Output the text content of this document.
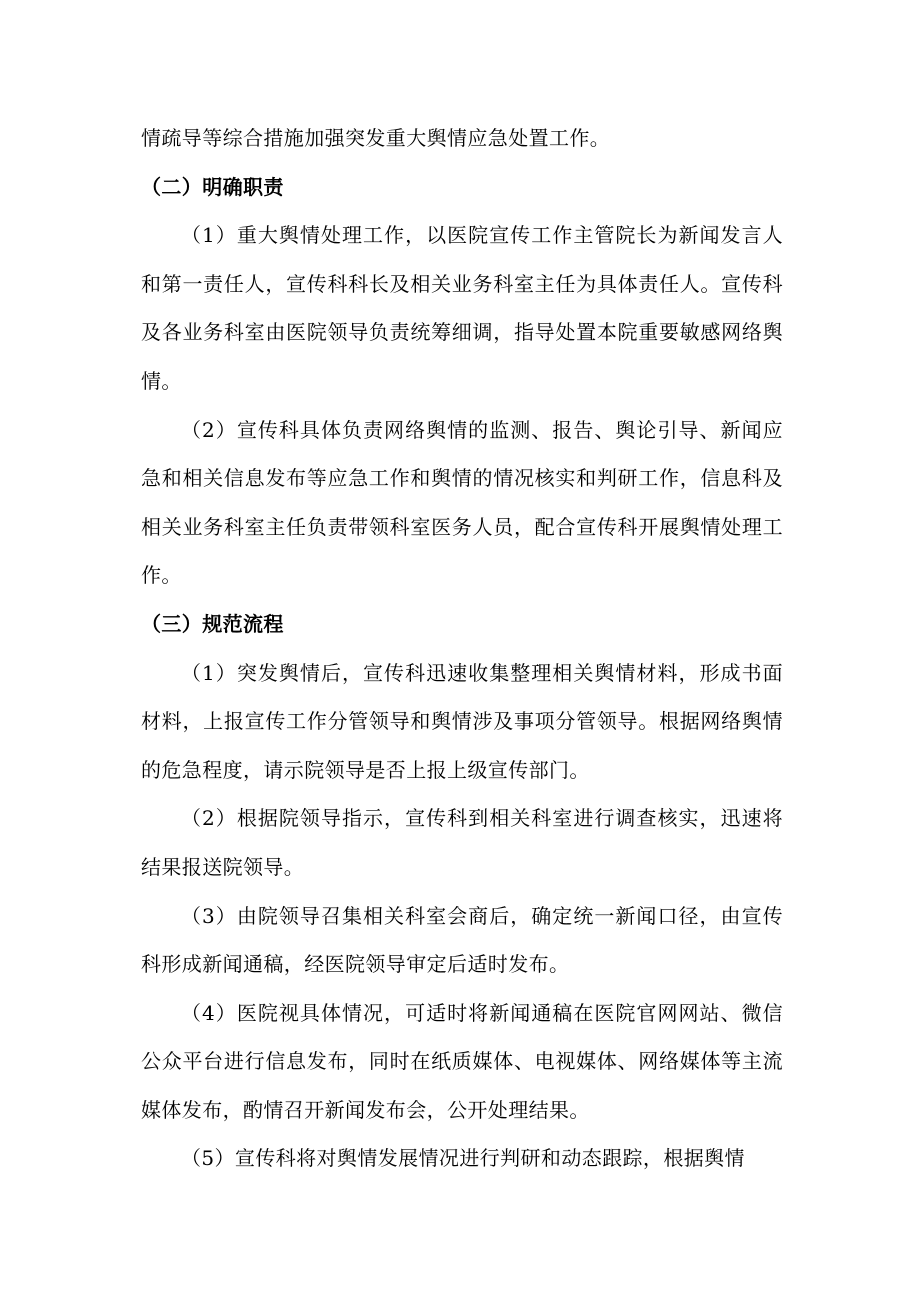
情疏导等综合措施加强突发重大舆情应急处置工作。

（二）明确职责

（1）重大舆情处理工作，以医院宣传工作主管院长为新闻发言人和第一责任人，宣传科科长及相关业务科室主任为具体责任人。宣传科及各业务科室由医院领导负责统筹细调，指导处置本院重要敏感网络舆情。

（2）宣传科具体负责网络舆情的监测、报告、舆论引导、新闻应急和相关信息发布等应急工作和舆情的情况核实和判研工作，信息科及相关业务科室主任负责带领科室医务人员，配合宣传科开展舆情处理工作。

（三）规范流程

（1）突发舆情后，宣传科迅速收集整理相关舆情材料，形成书面材料，上报宣传工作分管领导和舆情涉及事项分管领导。根据网络舆情的危急程度，请示院领导是否上报上级宣传部门。

（2）根据院领导指示，宣传科到相关科室进行调查核实，迅速将结果报送院领导。

（3）由院领导召集相关科室会商后，确定统一新闻口径，由宣传科形成新闻通稿，经医院领导审定后适时发布。

（4）医院视具体情况，可适时将新闻通稿在医院官网网站、微信公众平台进行信息发布，同时在纸质媒体、电视媒体、网络媒体等主流媒体发布，酌情召开新闻发布会，公开处理结果。

（5）宣传科将对舆情发展情况进行判研和动态跟踪，根据舆情
